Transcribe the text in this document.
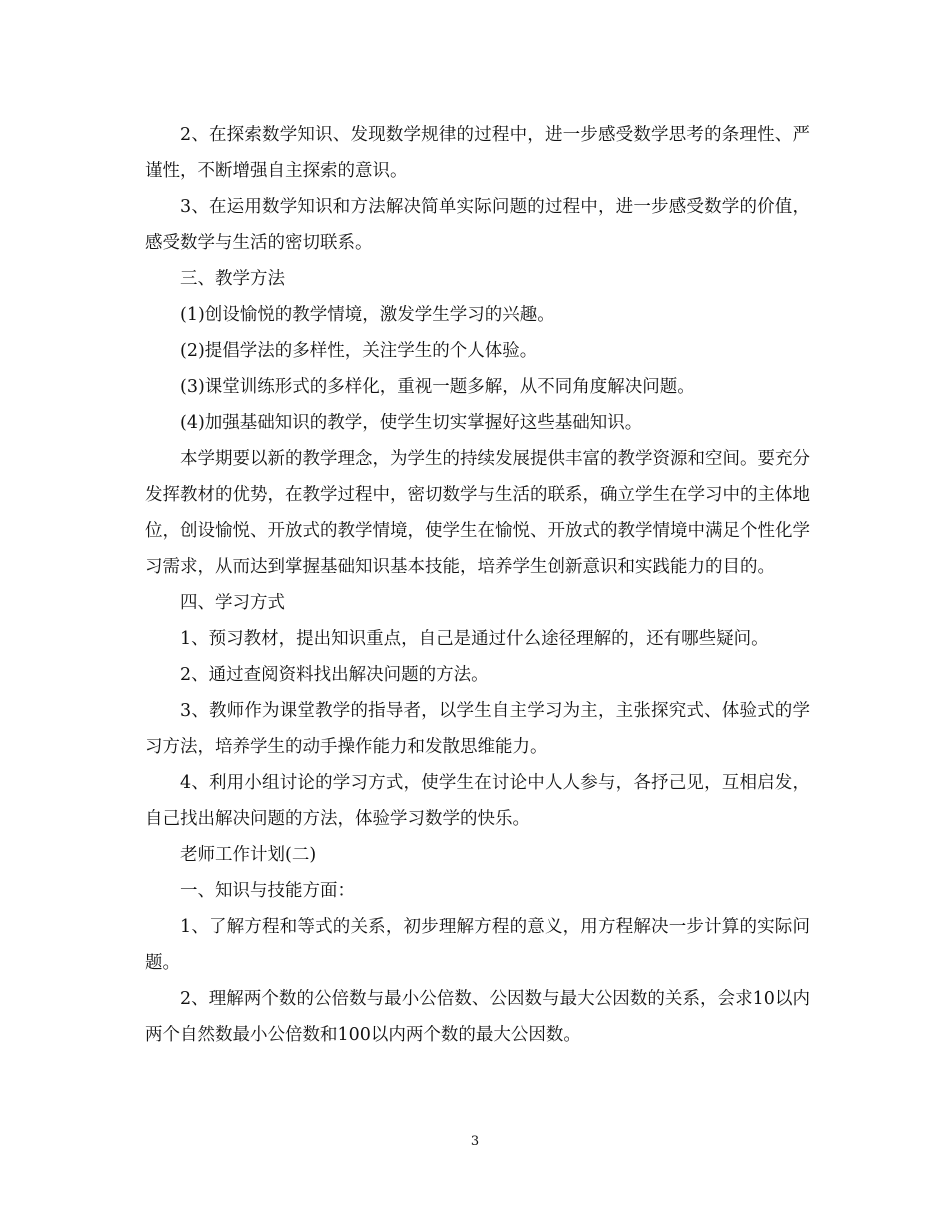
2、在探索数学知识、发现数学规律的过程中，进一步感受数学思考的条理性、严谨性，不断增强自主探索的意识。

3、在运用数学知识和方法解决简单实际问题的过程中，进一步感受数学的价值，感受数学与生活的密切联系。

三、教学方法

(1)创设愉悦的教学情境，激发学生学习的兴趣。

(2)提倡学法的多样性，关注学生的个人体验。

(3)课堂训练形式的多样化，重视一题多解，从不同角度解决问题。

(4)加强基础知识的教学，使学生切实掌握好这些基础知识。

本学期要以新的教学理念，为学生的持续发展提供丰富的教学资源和空间。要充分发挥教材的优势，在教学过程中，密切数学与生活的联系，确立学生在学习中的主体地位，创设愉悦、开放式的教学情境，使学生在愉悦、开放式的教学情境中满足个性化学习需求，从而达到掌握基础知识基本技能，培养学生创新意识和实践能力的目的。

四、学习方式

1、预习教材，提出知识重点，自己是通过什么途径理解的，还有哪些疑问。

2、通过查阅资料找出解决问题的方法。

3、教师作为课堂教学的指导者，以学生自主学习为主，主张探究式、体验式的学习方法，培养学生的动手操作能力和发散思维能力。

4、利用小组讨论的学习方式，使学生在讨论中人人参与，各抒己见，互相启发， 自己找出解决问题的方法，体验学习数学的快乐。

老师工作计划(二)

一、知识与技能方面：

1、了解方程和等式的关系，初步理解方程的意义，用方程解决一步计算的实际问题。

2、理解两个数的公倍数与最小公倍数、公因数与最大公因数的关系，会求10以内两个自然数最小公倍数和100以内两个数的最大公因数。

3
